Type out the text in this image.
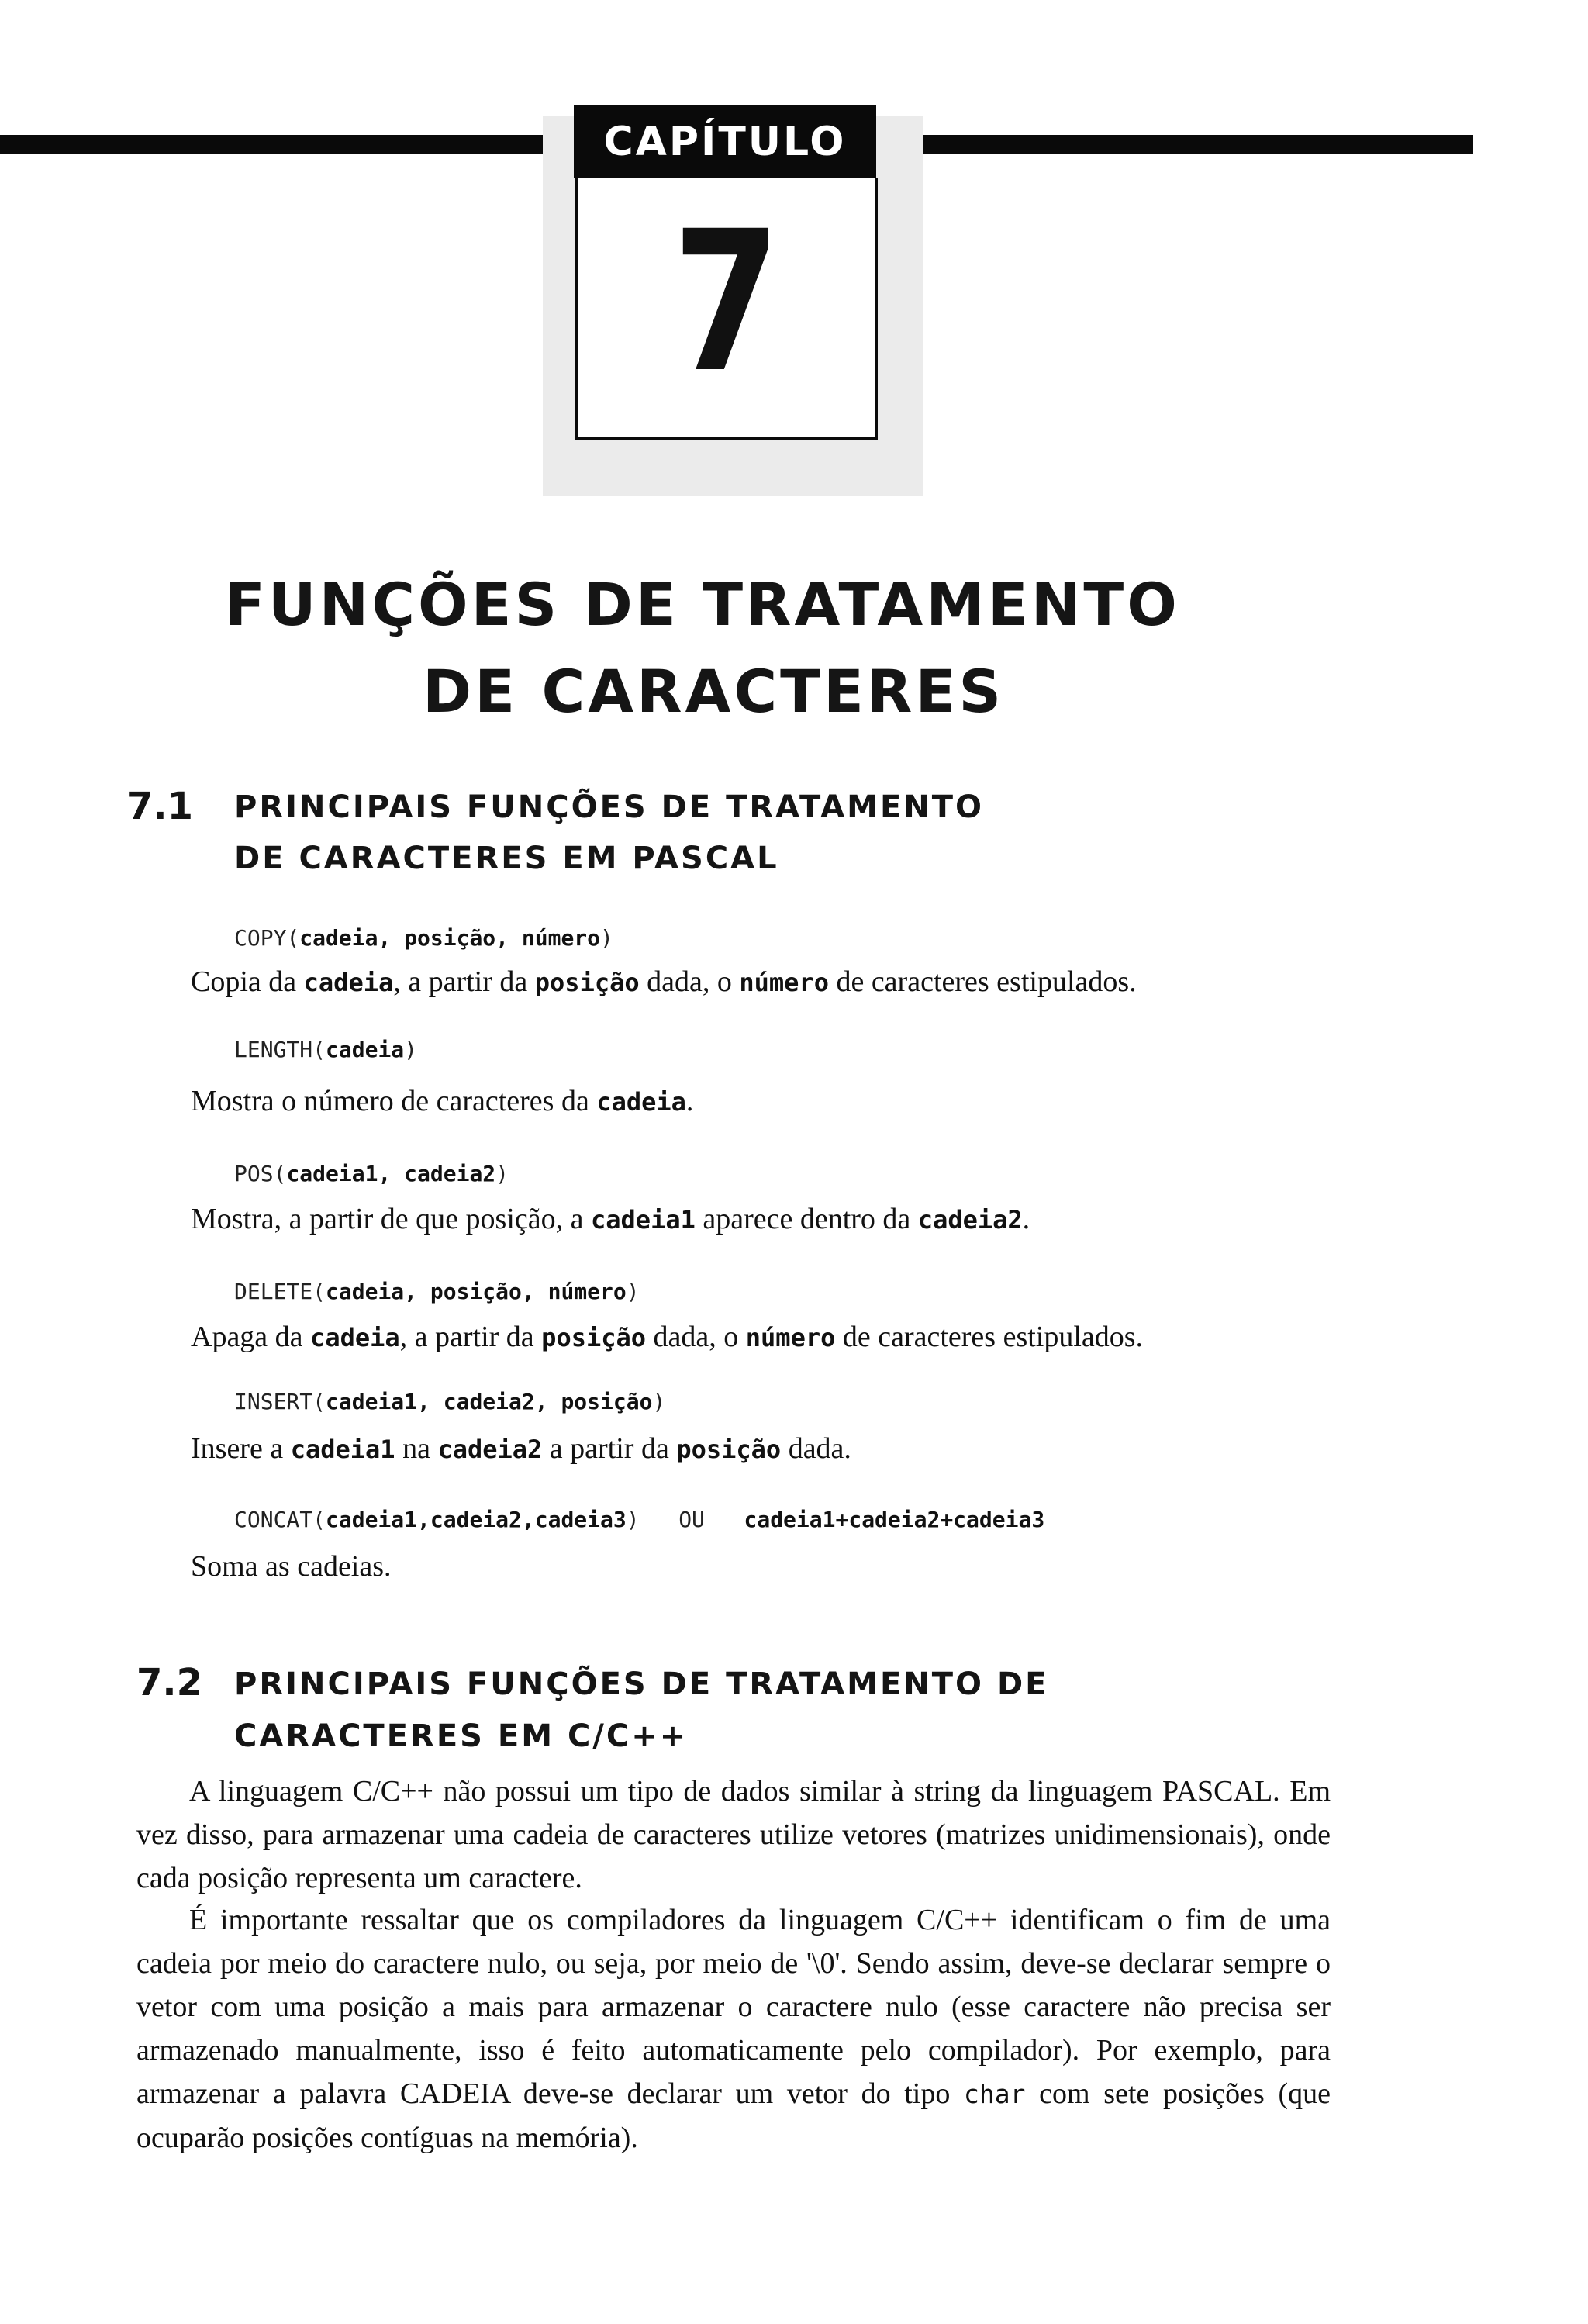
CAPÍTULO
7
FUNÇÕES DE TRATAMENTO
DE CARACTERES
7.1 PRINCIPAIS FUNÇÕES DE TRATAMENTO
DE CARACTERES EM PASCAL
COPY(cadeia, posição, número)
Copia da cadeia, a partir da posição dada, o número de caracteres estipulados.
LENGTH(cadeia)
Mostra o número de caracteres da cadeia.
POS(cadeia1, cadeia2)
Mostra, a partir de que posição, a cadeia1 aparece dentro da cadeia2.
DELETE(cadeia, posição, número)
Apaga da cadeia, a partir da posição dada, o número de caracteres estipulados.
INSERT(cadeia1, cadeia2, posição)
Insere a cadeia1 na cadeia2 a partir da posição dada.
CONCAT(cadeia1,cadeia2,cadeia3) OU cadeia1+cadeia2+cadeia3
Soma as cadeias.
7.2 PRINCIPAIS FUNÇÕES DE TRATAMENTO DE
CARACTERES EM C/C++
A linguagem C/C++ não possui um tipo de dados similar à string da linguagem PASCAL. Em vez disso, para armazenar uma cadeia de caracteres utilize vetores (matrizes unidimensionais), onde cada posição representa um caractere.
É importante ressaltar que os compiladores da linguagem C/C++ identificam o fim de uma cadeia por meio do caractere nulo, ou seja, por meio de '\0'. Sendo assim, deve-se declarar sempre o vetor com uma posição a mais para armazenar o caractere nulo (esse caractere não precisa ser armazenado manualmente, isso é feito automaticamente pelo compilador). Por exemplo, para armazenar a palavra CADEIA deve-se declarar um vetor do tipo char com sete posições (que ocuparão posições contíguas na memória).
